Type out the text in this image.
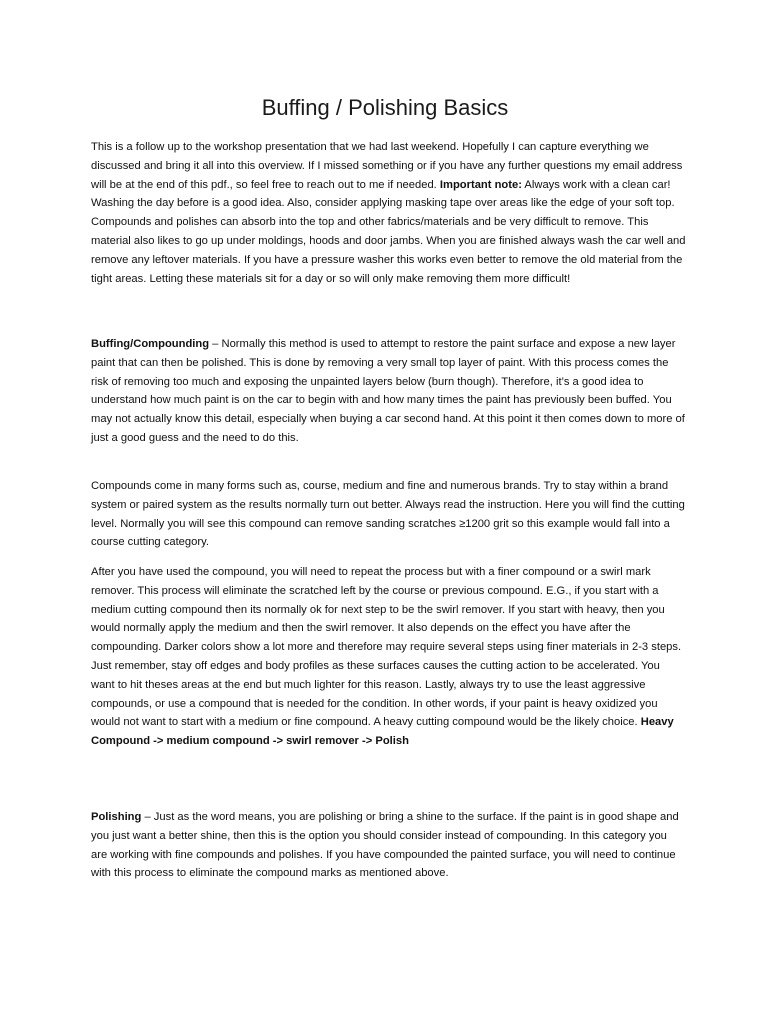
Buffing / Polishing Basics

This is a follow up to the workshop presentation that we had last weekend. Hopefully I can capture everything we discussed and bring it all into this overview. If I missed something or if you have any further questions my email address will be at the end of this pdf., so feel free to reach out to me if needed. Important note: Always work with a clean car! Washing the day before is a good idea. Also, consider applying masking tape over areas like the edge of your soft top. Compounds and polishes can absorb into the top and other fabrics/materials and be very difficult to remove. This material also likes to go up under moldings, hoods and door jambs. When you are finished always wash the car well and remove any leftover materials. If you have a pressure washer this works even better to remove the old material from the tight areas. Letting these materials sit for a day or so will only make removing them more difficult!

Buffing/Compounding – Normally this method is used to attempt to restore the paint surface and expose a new layer paint that can then be polished. This is done by removing a very small top layer of paint. With this process comes the risk of removing too much and exposing the unpainted layers below (burn though). Therefore, it’s a good idea to understand how much paint is on the car to begin with and how many times the paint has previously been buffed. You may not actually know this detail, especially when buying a car second hand. At this point it then comes down to more of just a good guess and the need to do this.

Compounds come in many forms such as, course, medium and fine and numerous brands. Try to stay within a brand system or paired system as the results normally turn out better. Always read the instruction. Here you will find the cutting level. Normally you will see this compound can remove sanding scratches ≥1200 grit so this example would fall into a course cutting category.

After you have used the compound, you will need to repeat the process but with a finer compound or a swirl mark remover. This process will eliminate the scratched left by the course or previous compound. E.G., if you start with a medium cutting compound then its normally ok for next step to be the swirl remover. If you start with heavy, then you would normally apply the medium and then the swirl remover. It also depends on the effect you have after the compounding. Darker colors show a lot more and therefore may require several steps using finer materials in 2-3 steps. Just remember, stay off edges and body profiles as these surfaces causes the cutting action to be accelerated. You want to hit theses areas at the end but much lighter for this reason. Lastly, always try to use the least aggressive compounds, or use a compound that is needed for the condition. In other words, if your paint is heavy oxidized you would not want to start with a medium or fine compound. A heavy cutting compound would be the likely choice. Heavy Compound -> medium compound -> swirl remover -> Polish

Polishing – Just as the word means, you are polishing or bring a shine to the surface. If the paint is in good shape and you just want a better shine, then this is the option you should consider instead of compounding. In this category you are working with fine compounds and polishes. If you have compounded the painted surface, you will need to continue with this process to eliminate the compound marks as mentioned above.
